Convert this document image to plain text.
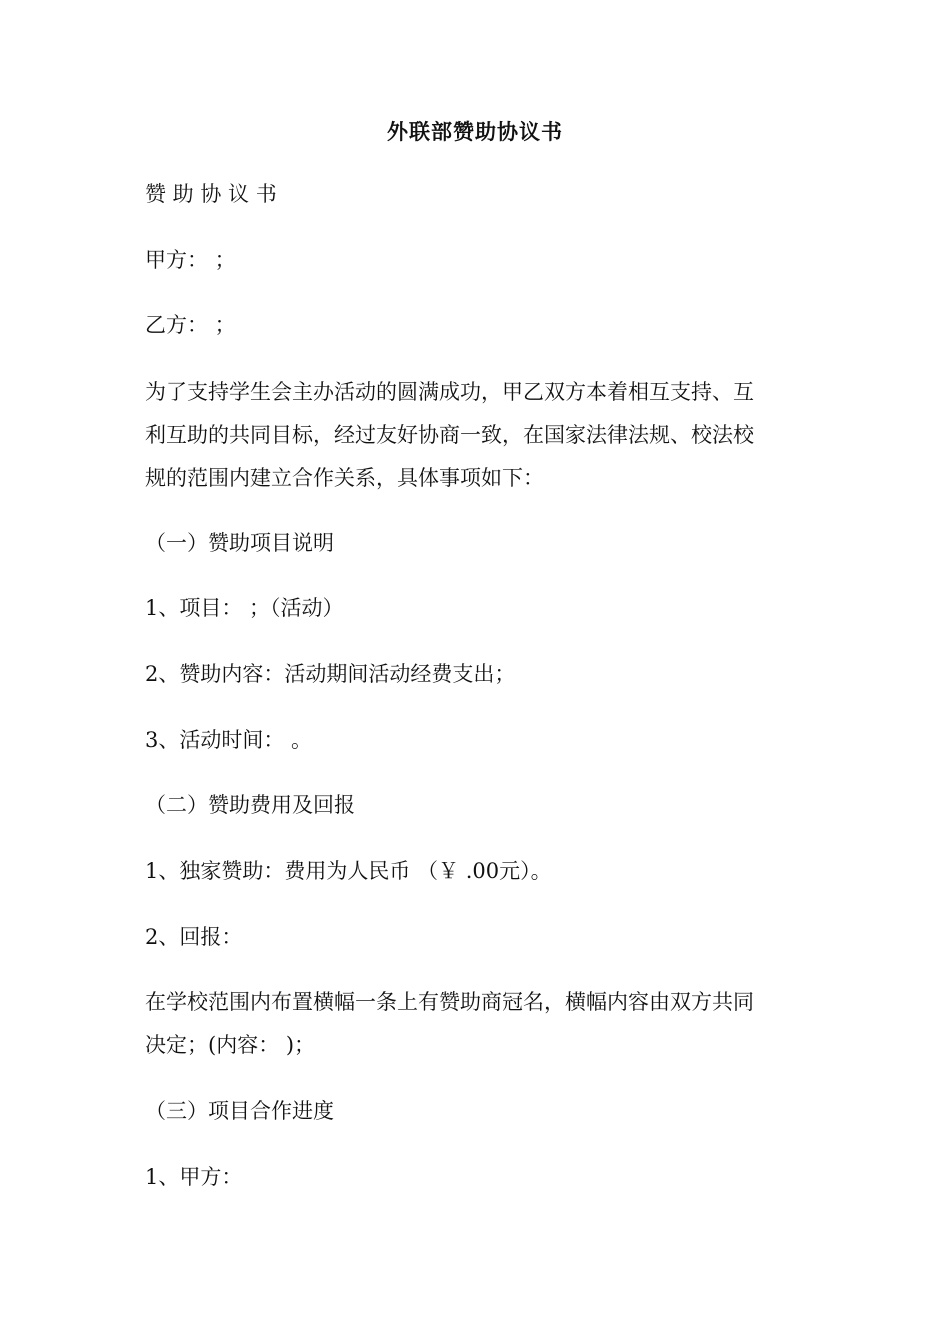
外联部赞助协议书
赞 助 协 议 书
甲方： ；
乙方： ；
为了支持学生会主办活动的圆满成功，甲乙双方本着相互支持、互
利互助的共同目标，经过友好协商一致，在国家法律法规、校法校
规的范围内建立合作关系，具体事项如下：
（一）赞助项目说明
1、项目： ；（活动）
2、赞助内容：活动期间活动经费支出；
3、活动时间： 。
（二）赞助费用及回报
1、独家赞助：费用为人民币 （￥ .00元）。
2、回报：
在学校范围内布置横幅一条上有赞助商冠名，横幅内容由双方共同
决定；(内容： )；
（三）项目合作进度
1、甲方：
